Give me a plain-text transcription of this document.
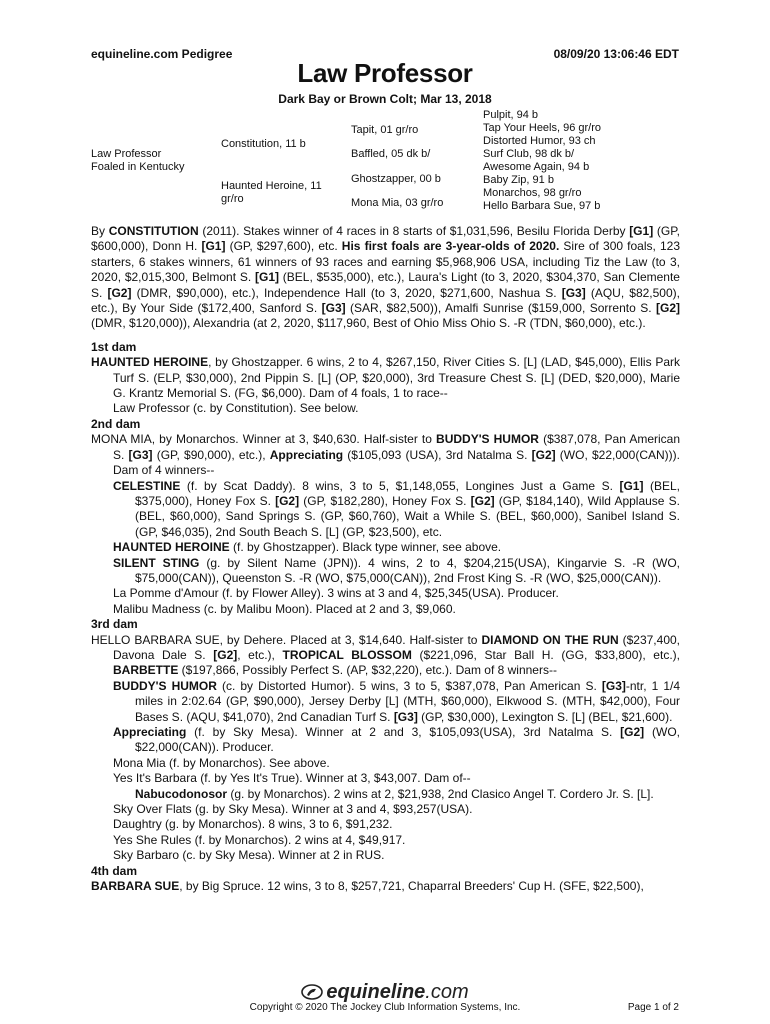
equineline.com Pedigree	08/09/20 13:06:46 EDT
Law Professor
Dark Bay or Brown Colt; Mar 13, 2018
Law Professor
Foaled in Kentucky
Constitution, 11 b
Haunted Heroine, 11 gr/ro
Tapit, 01 gr/ro
Baffled, 05 dk b/
Ghostzapper, 00 b
Mona Mia, 03 gr/ro
Pulpit, 94 b
Tap Your Heels, 96 gr/ro
Distorted Humor, 93 ch
Surf Club, 98 dk b/
Awesome Again, 94 b
Baby Zip, 91 b
Monarchos, 98 gr/ro
Hello Barbara Sue, 97 b

By CONSTITUTION (2011). Stakes winner of 4 races in 8 starts of $1,031,596, Besilu Florida Derby [G1] (GP, $600,000), Donn H. [G1] (GP, $297,600), etc. His first foals are 3-year-olds of 2020. Sire of 300 foals, 123 starters, 6 stakes winners, 61 winners of 93 races and earning $5,968,906 USA, including Tiz the Law (to 3, 2020, $2,015,300, Belmont S. [G1] (BEL, $535,000), etc.), Laura's Light (to 3, 2020, $304,370, San Clemente S. [G2] (DMR, $90,000), etc.), Independence Hall (to 3, 2020, $271,600, Nashua S. [G3] (AQU, $82,500), etc.), By Your Side ($172,400, Sanford S. [G3] (SAR, $82,500)), Amalfi Sunrise ($159,000, Sorrento S. [G2] (DMR, $120,000)), Alexandria (at 2, 2020, $117,960, Best of Ohio Miss Ohio S. -R (TDN, $60,000), etc.).

1st dam

HAUNTED HEROINE, by Ghostzapper. 6 wins, 2 to 4, $267,150, River Cities S. [L] (LAD, $45,000), Ellis Park Turf S. (ELP, $30,000), 2nd Pippin S. [L] (OP, $20,000), 3rd Treasure Chest S. [L] (DED, $20,000), Marie G. Krantz Memorial S. (FG, $6,000). Dam of 4 foals, 1 to race--

Law Professor (c. by Constitution). See below.

2nd dam

MONA MIA, by Monarchos. Winner at 3, $40,630. Half-sister to BUDDY'S HUMOR ($387,078, Pan American S. [G3] (GP, $90,000), etc.), Appreciating ($105,093 (USA), 3rd Natalma S. [G2] (WO, $22,000(CAN))). Dam of 4 winners--

CELESTINE (f. by Scat Daddy). 8 wins, 3 to 5, $1,148,055, Longines Just a Game S. [G1] (BEL, $375,000), Honey Fox S. [G2] (GP, $182,280), Honey Fox S. [G2] (GP, $184,140), Wild Applause S. (BEL, $60,000), Sand Springs S. (GP, $60,760), Wait a While S. (BEL, $60,000), Sanibel Island S. (GP, $46,035), 2nd South Beach S. [L] (GP, $23,500), etc.

HAUNTED HEROINE (f. by Ghostzapper). Black type winner, see above.

SILENT STING (g. by Silent Name (JPN)). 4 wins, 2 to 4, $204,215(USA), Kingarvie S. -R (WO, $75,000(CAN)), Queenston S. -R (WO, $75,000(CAN)), 2nd Frost King S. -R (WO, $25,000(CAN)).

La Pomme d'Amour (f. by Flower Alley). 3 wins at 3 and 4, $25,345(USA). Producer.

Malibu Madness (c. by Malibu Moon). Placed at 2 and 3, $9,060.

3rd dam

HELLO BARBARA SUE, by Dehere. Placed at 3, $14,640. Half-sister to DIAMOND ON THE RUN ($237,400, Davona Dale S. [G2], etc.), TROPICAL BLOSSOM ($221,096, Star Ball H. (GG, $33,800), etc.), BARBETTE ($197,866, Possibly Perfect S. (AP, $32,220), etc.). Dam of 8 winners--

BUDDY'S HUMOR (c. by Distorted Humor). 5 wins, 3 to 5, $387,078, Pan American S. [G3]-ntr, 1 1/4 miles in 2:02.64 (GP, $90,000), Jersey Derby [L] (MTH, $60,000), Elkwood S. (MTH, $42,000), Four Bases S. (AQU, $41,070), 2nd Canadian Turf S. [G3] (GP, $30,000), Lexington S. [L] (BEL, $21,600).

Appreciating (f. by Sky Mesa). Winner at 2 and 3, $105,093(USA), 3rd Natalma S. [G2] (WO, $22,000(CAN)). Producer.

Mona Mia (f. by Monarchos). See above.

Yes It's Barbara (f. by Yes It's True). Winner at 3, $43,007. Dam of--

Nabucodonosor (g. by Monarchos). 2 wins at 2, $21,938, 2nd Clasico Angel T. Cordero Jr. S. [L].

Sky Over Flats (g. by Sky Mesa). Winner at 3 and 4, $93,257(USA).

Daughtry (g. by Monarchos). 8 wins, 3 to 6, $91,232.

Yes She Rules (f. by Monarchos). 2 wins at 4, $49,917.

Sky Barbaro (c. by Sky Mesa). Winner at 2 in RUS.

4th dam

BARBARA SUE, by Big Spruce. 12 wins, 3 to 8, $257,721, Chaparral Breeders' Cup H. (SFE, $22,500),

equineline.com
Copyright © 2020 The Jockey Club Information Systems, Inc.	Page 1 of 2
